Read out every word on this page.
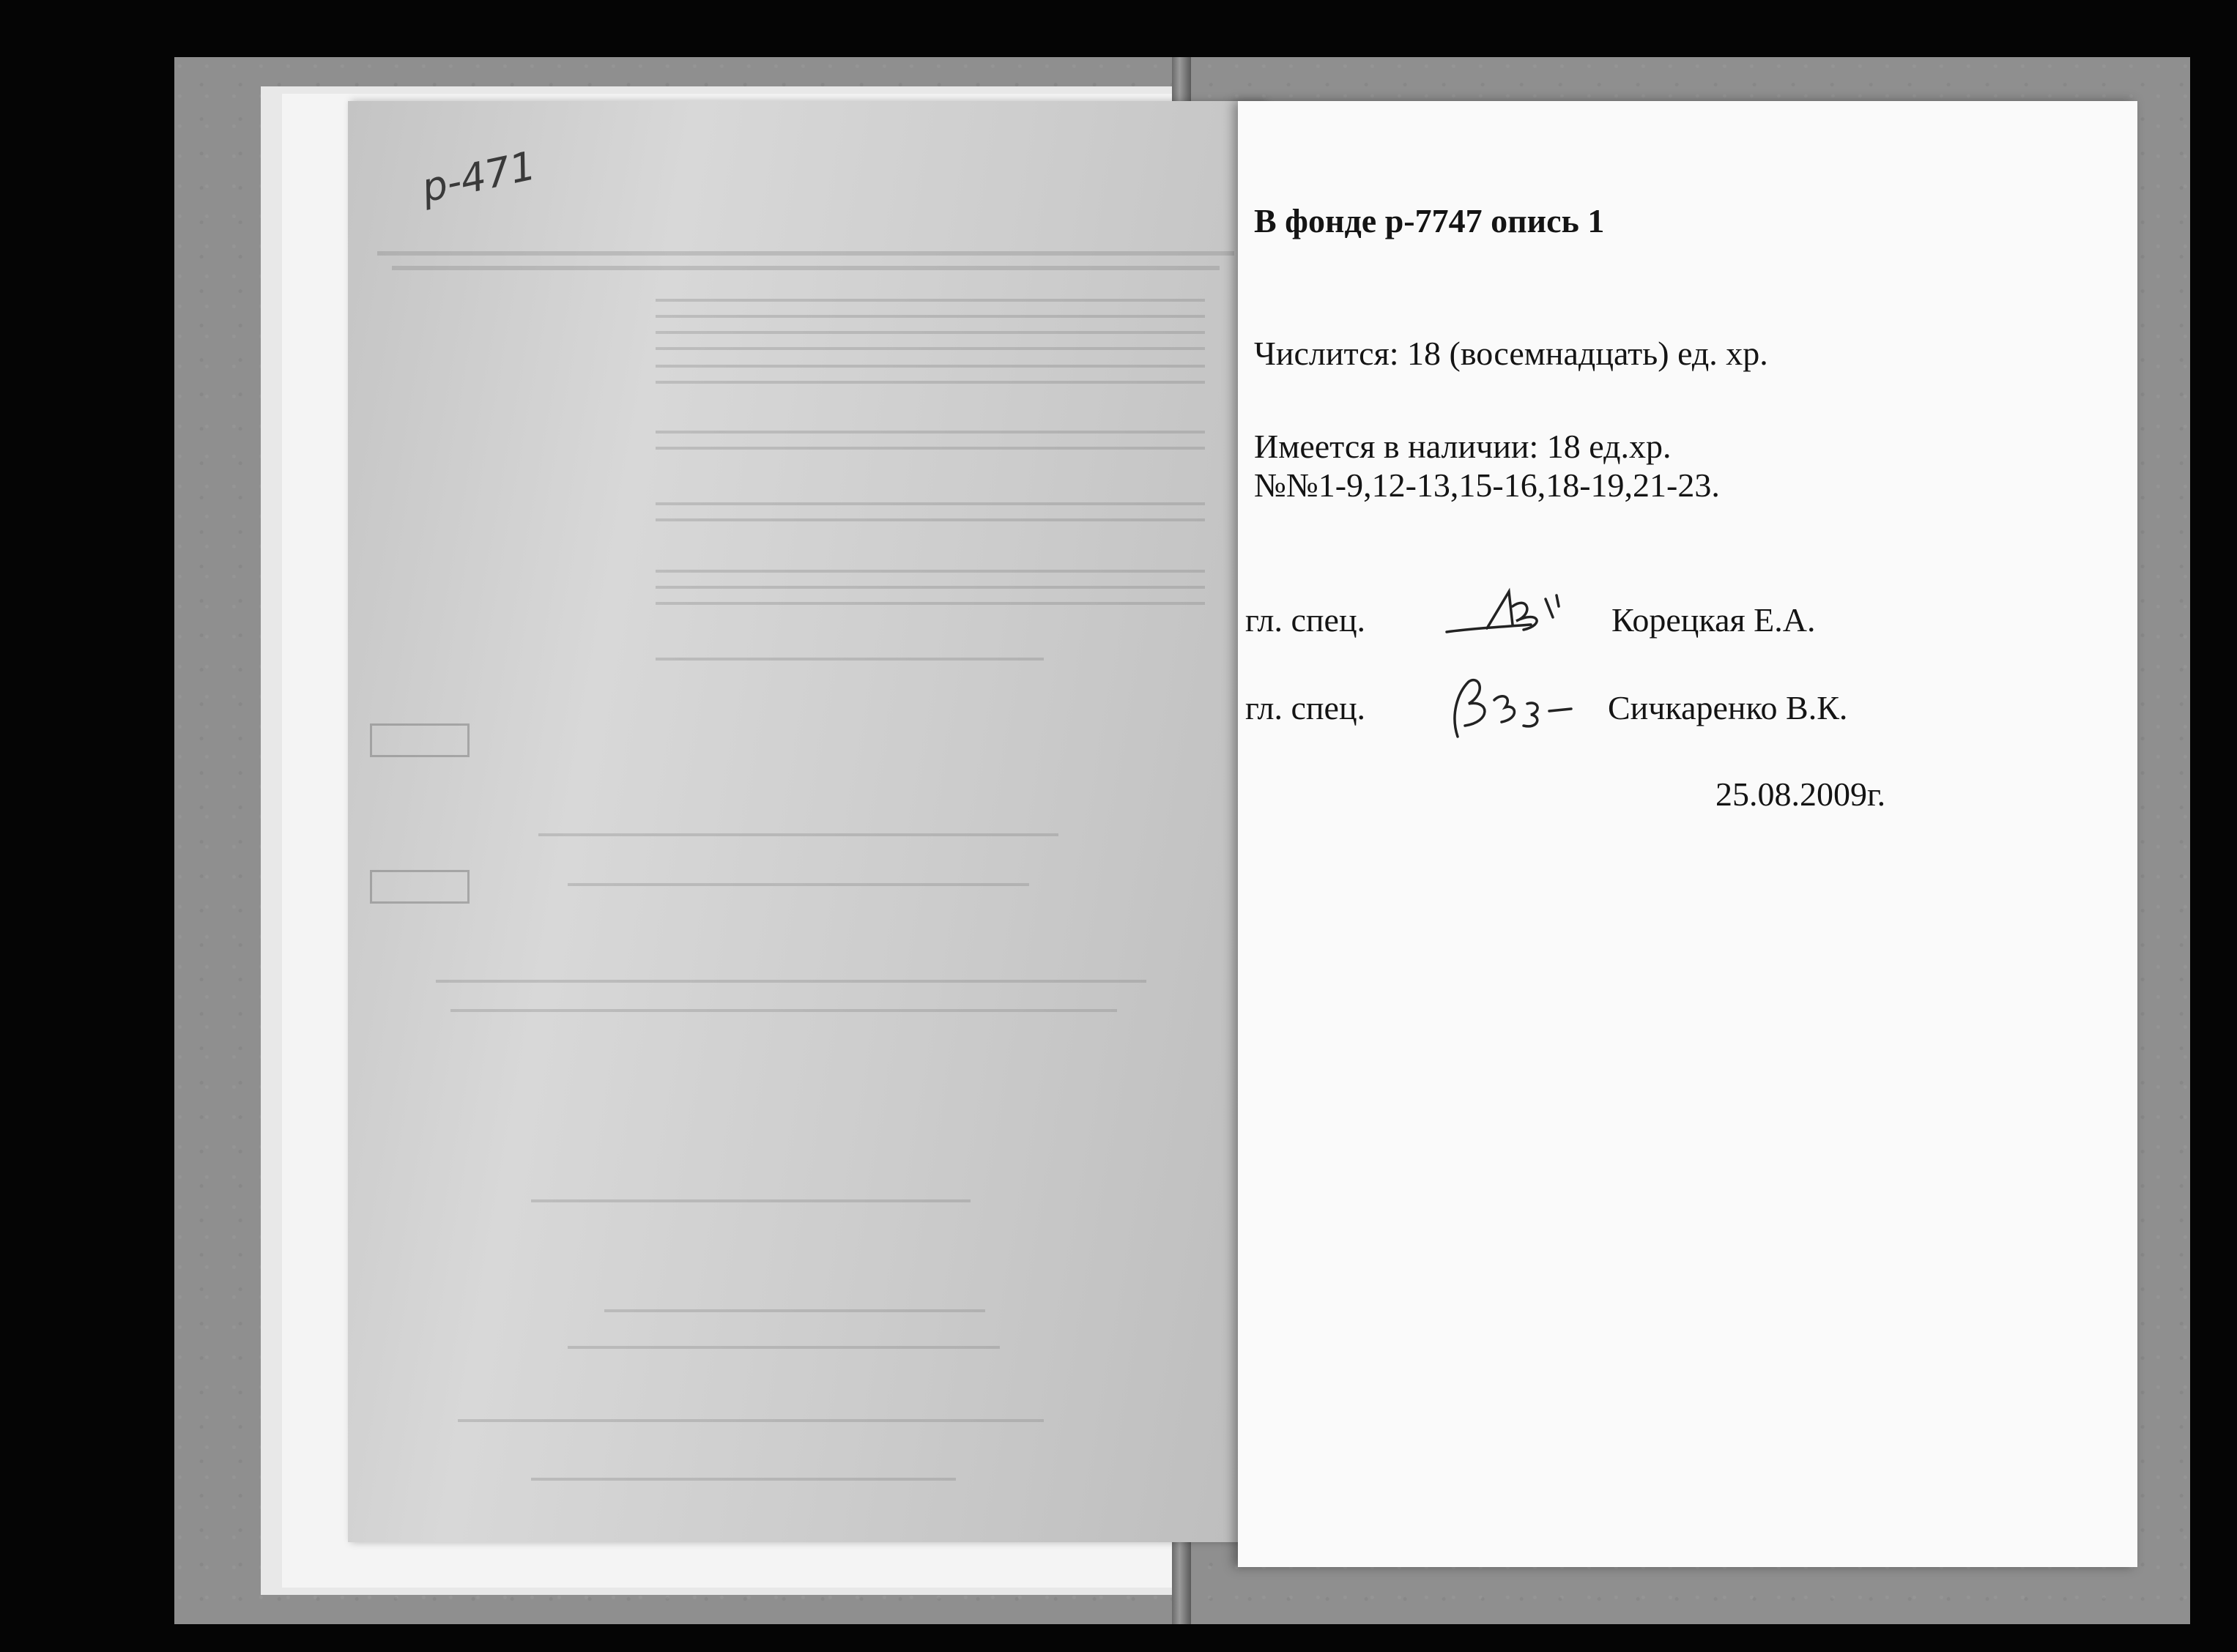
p-471
В фонде р-7747 опись 1
Числится: 18 (восемнадцать) ед. хр.
Имеется в наличии: 18 ед.хр.
№№1-9,12-13,15-16,18-19,21-23.
гл. спец.	Корецкая Е.А.
гл. спец.	Сичкаренко В.К.
25.08.2009г.
